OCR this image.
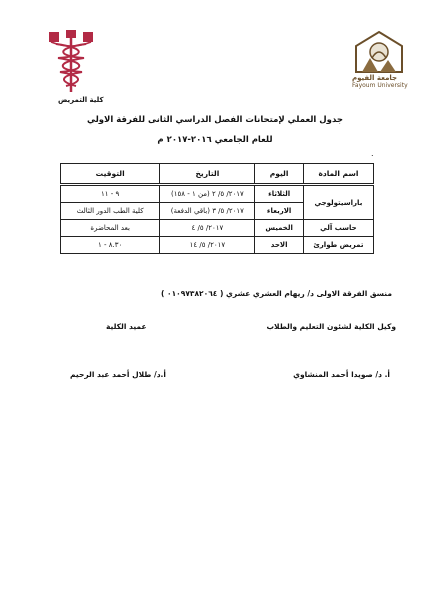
كلية التمريض
جامعة الفيوم
Fayoum University
جدول العملي لإمتحانات الفصل الدراسي الثانى للفرقة الاولي
للعام الجامعي ٢٠١٦-٢٠١٧ م
.
اسم المادة	اليوم	التاريخ	التوقيت
باراسيتولوجي	الثلاثاء	٢٠١٧/ ٥/ ٢ (من ١ - ١٥٨)	٩ - ١١
	الاربعاء	٢٠١٧/ ٥/ ٣ (باقي الدفعة)	كلية الطب الدور الثالث
حاسب آلي	الخميس	٢٠١٧/ ٥/ ٤	بعد المحاضرة
تمريض طوارئ	الاحد	٢٠١٧/ ٥/ ١٤	٨.٣٠ - ١
منسق الفرقة الاولى د/ ريهام العشري عشري ( ٠١٠٩٧٣٨٢٠٦٤ )
وكيل الكلية لشئون التعليم والطلاب
عميد الكلية
أ. د/ صويدا أحمد المنشاوي
أ.د/ طلال أحمد عبد الرحيم
